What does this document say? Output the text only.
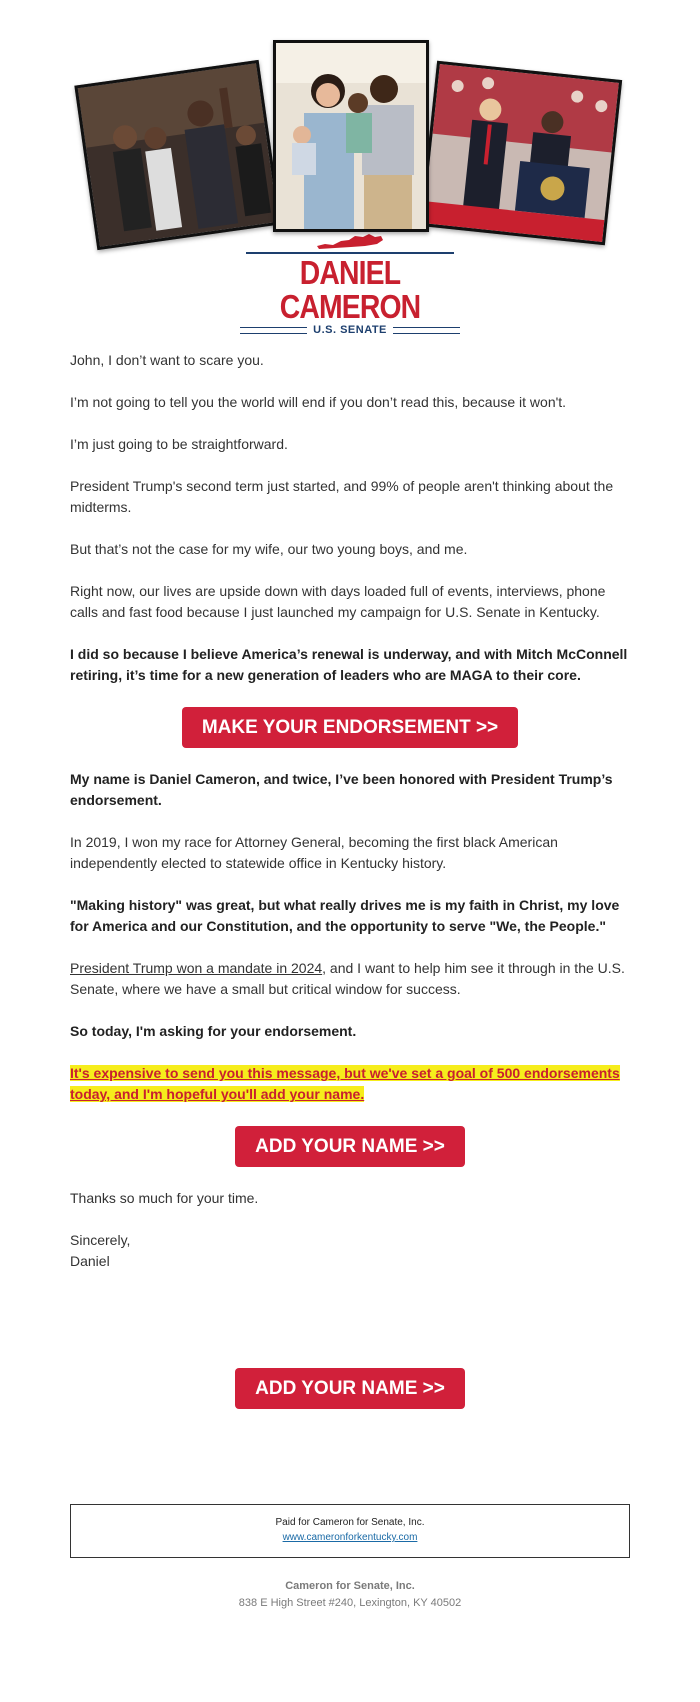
DANIEL CAMERON
U.S. SENATE

John, I don’t want to scare you.

I’m not going to tell you the world will end if you don’t read this, because it won't.

I’m just going to be straightforward.

President Trump's second term just started, and 99% of people aren't thinking about the midterms.

But that’s not the case for my wife, our two young boys, and me.

Right now, our lives are upside down with days loaded full of events, interviews, phone calls and fast food because I just launched my campaign for U.S. Senate in Kentucky.

I did so because I believe America’s renewal is underway, and with Mitch McConnell retiring, it’s time for a new generation of leaders who are MAGA to their core.

MAKE YOUR ENDORSEMENT >>

My name is Daniel Cameron, and twice, I’ve been honored with President Trump’s endorsement.

In 2019, I won my race for Attorney General, becoming the first black American independently elected to statewide office in Kentucky history.

"Making history" was great, but what really drives me is my faith in Christ, my love for America and our Constitution, and the opportunity to serve "We, the People."

President Trump won a mandate in 2024, and I want to help him see it through in the U.S. Senate, where we have a small but critical window for success.

So today, I'm asking for your endorsement.

It's expensive to send you this message, but we've set a goal of 500 endorsements today, and I'm hopeful you'll add your name.

ADD YOUR NAME >>

Thanks so much for your time.

Sincerely,
Daniel
ADD YOUR NAME >>
Paid for Cameron for Senate, Inc.
www.cameronforkentucky.com
Cameron for Senate, Inc.
838 E High Street #240, Lexington, KY 40502
